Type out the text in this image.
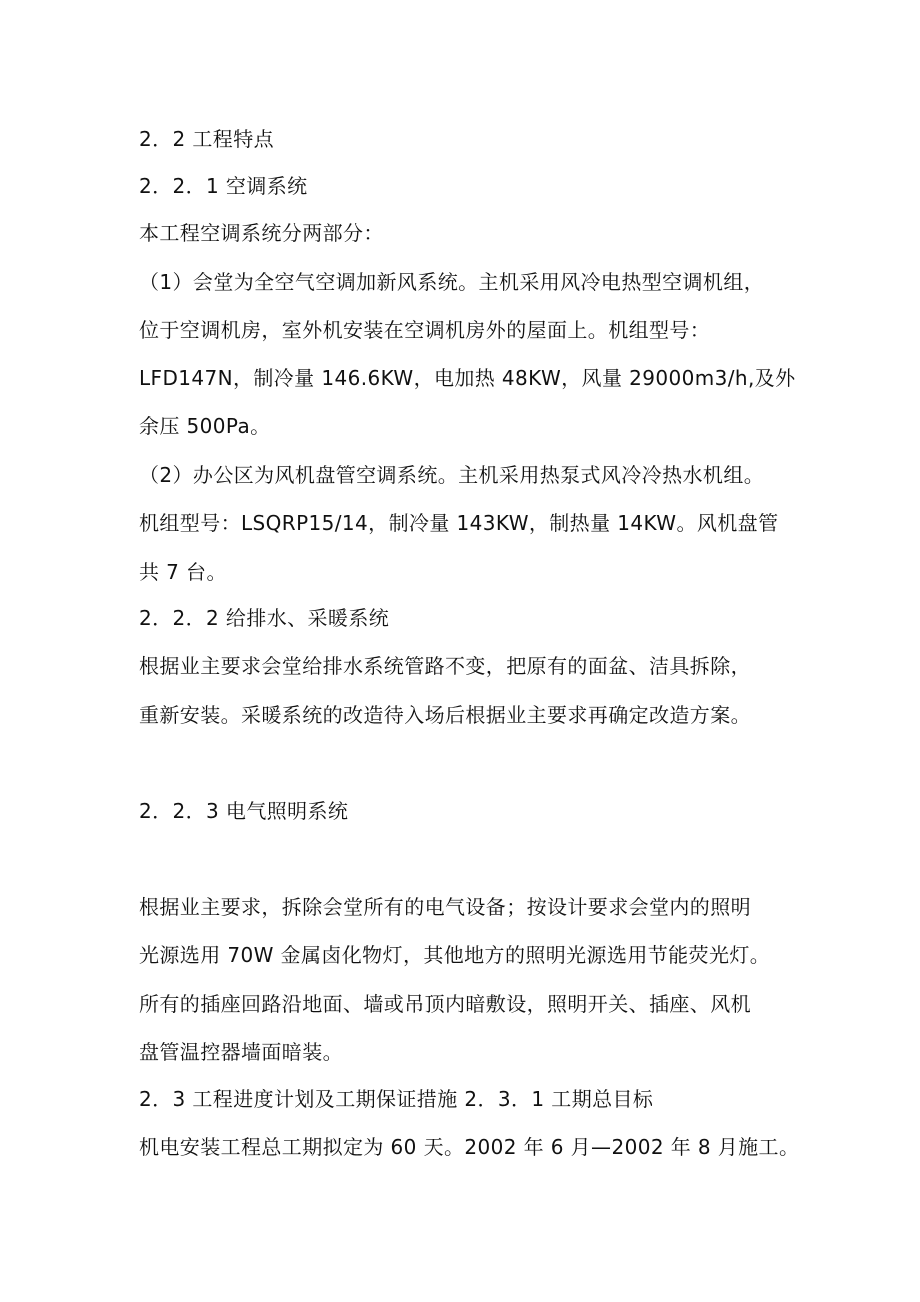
2．2 工程特点
2．2．1 空调系统
本工程空调系统分两部分：
（1）会堂为全空气空调加新风系统。主机采用风冷电热型空调机组，
位于空调机房，室外机安装在空调机房外的屋面上。机组型号：
LFD147N，制冷量 146.6KW，电加热 48KW，风量 29000m3/h,及外
余压 500Pa。
（2）办公区为风机盘管空调系统。主机采用热泵式风冷冷热水机组。
机组型号：LSQRP15/14，制冷量 143KW，制热量 14KW。风机盘管
共 7 台。
2．2．2 给排水、采暖系统
根据业主要求会堂给排水系统管路不变，把原有的面盆、洁具拆除，
重新安装。采暖系统的改造待入场后根据业主要求再确定改造方案。
2．2．3 电气照明系统
根据业主要求，拆除会堂所有的电气设备；按设计要求会堂内的照明
光源选用 70W 金属卤化物灯，其他地方的照明光源选用节能荧光灯。
所有的插座回路沿地面、墙或吊顶内暗敷设，照明开关、插座、风机
盘管温控器墙面暗装。
2．3 工程进度计划及工期保证措施 2．3．1 工期总目标
机电安装工程总工期拟定为 60 天。2002 年 6 月—2002 年 8 月施工。
